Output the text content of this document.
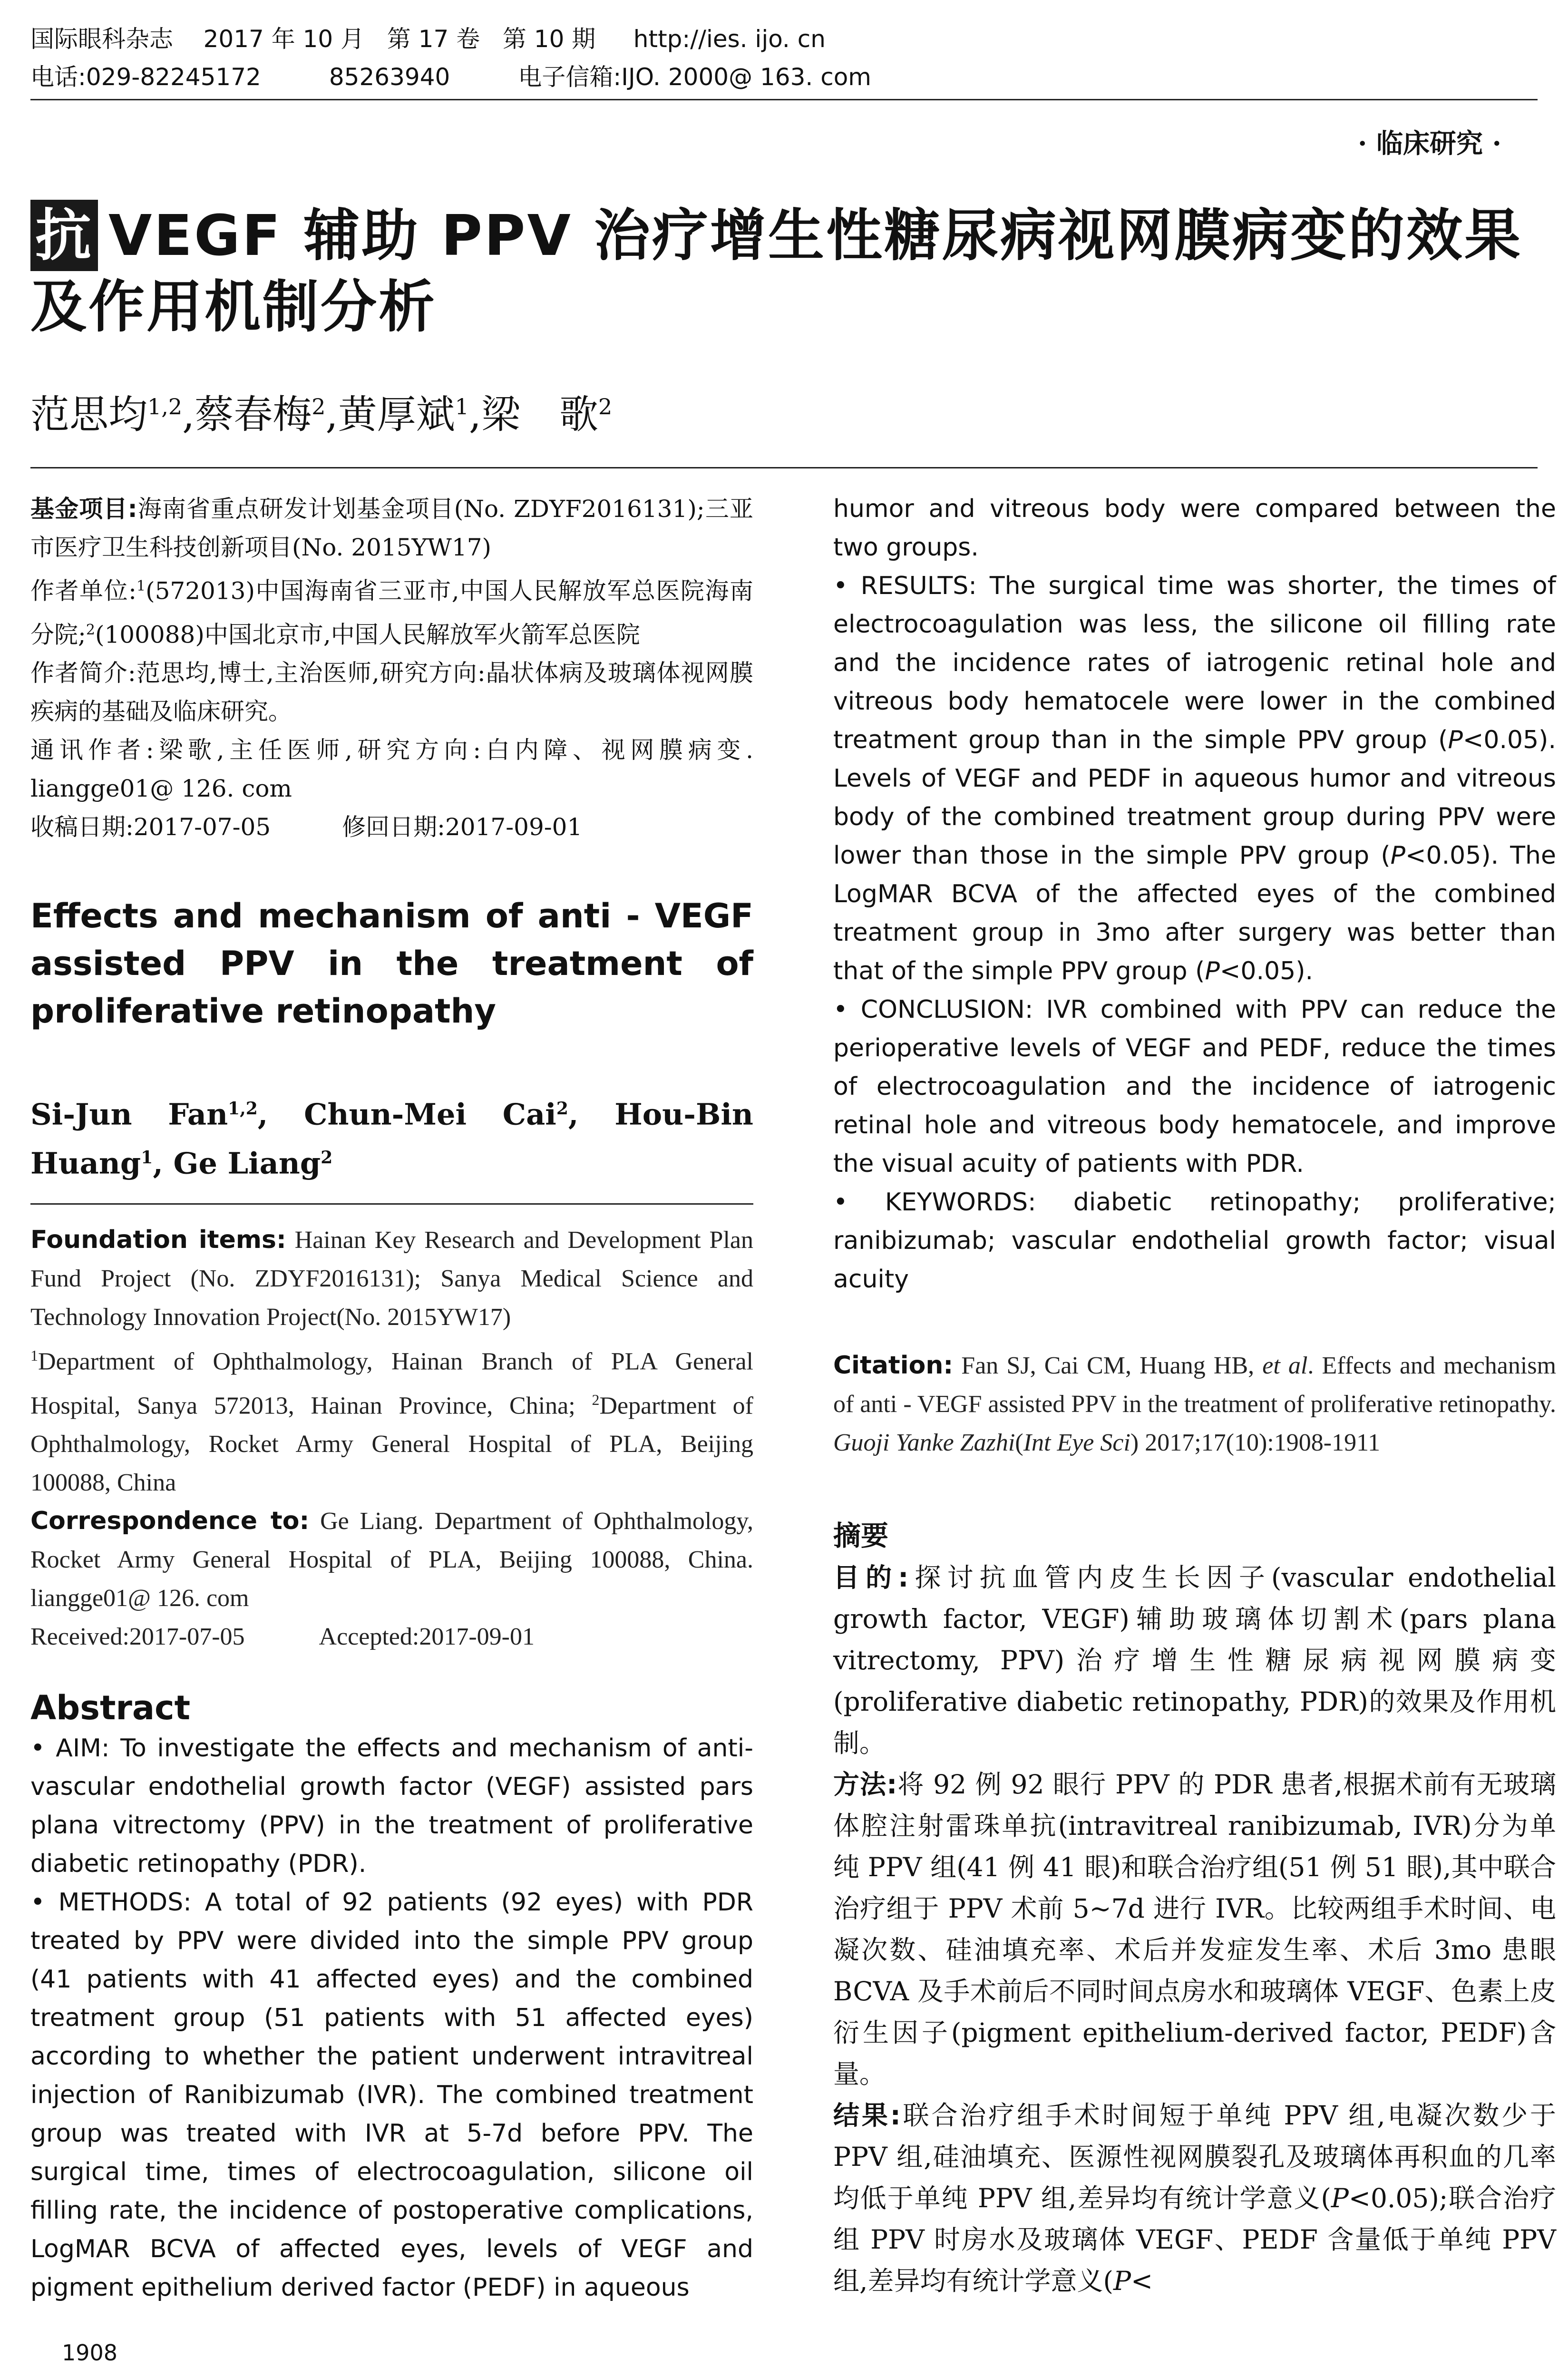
国际眼科杂志    2017 年 10 月   第 17 卷   第 10 期     http://ies. ijo. cn
电话:029-82245172         85263940         电子信箱:IJO. 2000@ 163. com
· 临床研究 ·
抗 VEGF 辅助 PPV 治疗增生性糖尿病视网膜病变的效果及作用机制分析
范思均$^{1,2}$,蔡春梅$^2$,黄厚斌$^1$,梁　歌$^2$

基金项目:海南省重点研发计划基金项目(No. ZDYF2016131);三亚市医疗卫生科技创新项目(No. 2015YW17)

作者单位:$^1$(572013)中国海南省三亚市,中国人民解放军总医院海南分院;$^2$(100088)中国北京市,中国人民解放军火箭军总医院

作者简介:范思均,博士,主治医师,研究方向:晶状体病及玻璃体视网膜疾病的基础及临床研究。

通讯作者:梁歌,主任医师,研究方向:白内障、视网膜病变. liangge01@ 126. com

收稿日期:2017-07-05　　　	修回日期:2017-09-01

Effects and mechanism of anti - VEGF assisted PPV in the treatment of proliferative retinopathy
Si-Jun Fan$^{1,2}$, Chun-Mei Cai$^2$, Hou-Bin Huang$^1$, Ge Liang$^2$

Foundation items: Hainan Key Research and Development Plan Fund Project (No. ZDYF2016131); Sanya Medical Science and Technology Innovation Project(No. 2015YW17)

$^1$Department of Ophthalmology, Hainan Branch of PLA General Hospital, Sanya 572013, Hainan Province, China; $^2$Department of Ophthalmology, Rocket Army General Hospital of PLA, Beijing 100088, China

Correspondence to: Ge Liang. Department of Ophthalmology, Rocket Army General Hospital of PLA, Beijing 100088, China. liangge01@ 126. com

Received:2017-07-05   	Accepted:2017-09-01

Abstract

• AIM: To investigate the effects and mechanism of anti-vascular endothelial growth factor (VEGF) assisted pars plana vitrectomy (PPV) in the treatment of proliferative diabetic retinopathy (PDR).

• METHODS: A total of 92 patients (92 eyes) with PDR treated by PPV were divided into the simple PPV group (41 patients with 41 affected eyes) and the combined treatment group (51 patients with 51 affected eyes) according to whether the patient underwent intravitreal injection of Ranibizumab (IVR). The combined treatment group was treated with IVR at 5-7d before PPV. The surgical time, times of electrocoagulation, silicone oil filling rate, the incidence of postoperative complications, LogMAR BCVA of affected eyes, levels of VEGF and pigment epithelium derived factor (PEDF) in aqueous

humor and vitreous body were compared between the two groups.

• RESULTS: The surgical time was shorter, the times of electrocoagulation was less, the silicone oil filling rate and the incidence rates of iatrogenic retinal hole and vitreous body hematocele were lower in the combined treatment group than in the simple PPV group (P<0.05). Levels of VEGF and PEDF in aqueous humor and vitreous body of the combined treatment group during PPV were lower than those in the simple PPV group (P<0.05). The LogMAR BCVA of the affected eyes of the combined treatment group in 3mo after surgery was better than that of the simple PPV group (P<0.05).

• CONCLUSION: IVR combined with PPV can reduce the perioperative levels of VEGF and PEDF, reduce the times of electrocoagulation and the incidence of iatrogenic retinal hole and vitreous body hematocele, and improve the visual acuity of patients with PDR.

• KEYWORDS: diabetic retinopathy; proliferative; ranibizumab; vascular endothelial growth factor; visual acuity

Citation: Fan SJ, Cai CM, Huang HB, et al. Effects and mechanism of anti - VEGF assisted PPV in the treatment of proliferative retinopathy. Guoji Yanke Zazhi(Int Eye Sci) 2017;17(10):1908-1911

摘要

目的:探讨抗血管内皮生长因子(vascular endothelial growth factor, VEGF)辅助玻璃体切割术(pars plana vitrectomy, PPV)治疗增生性糖尿病视网膜病变(proliferative diabetic retinopathy, PDR)的效果及作用机制。

方法:将 92 例 92 眼行 PPV 的 PDR 患者,根据术前有无玻璃体腔注射雷珠单抗(intravitreal ranibizumab, IVR)分为单纯 PPV 组(41 例 41 眼)和联合治疗组(51 例 51 眼),其中联合治疗组于 PPV 术前 5~7d 进行 IVR。比较两组手术时间、电凝次数、硅油填充率、术后并发症发生率、术后 3mo 患眼 BCVA 及手术前后不同时间点房水和玻璃体 VEGF、色素上皮衍生因子(pigment epithelium-derived factor, PEDF)含量。

结果:联合治疗组手术时间短于单纯 PPV 组,电凝次数少于 PPV 组,硅油填充、医源性视网膜裂孔及玻璃体再积血的几率均低于单纯 PPV 组,差异均有统计学意义(P<0.05);联合治疗组 PPV 时房水及玻璃体 VEGF、PEDF 含量低于单纯 PPV 组,差异均有统计学意义(P<

1908
